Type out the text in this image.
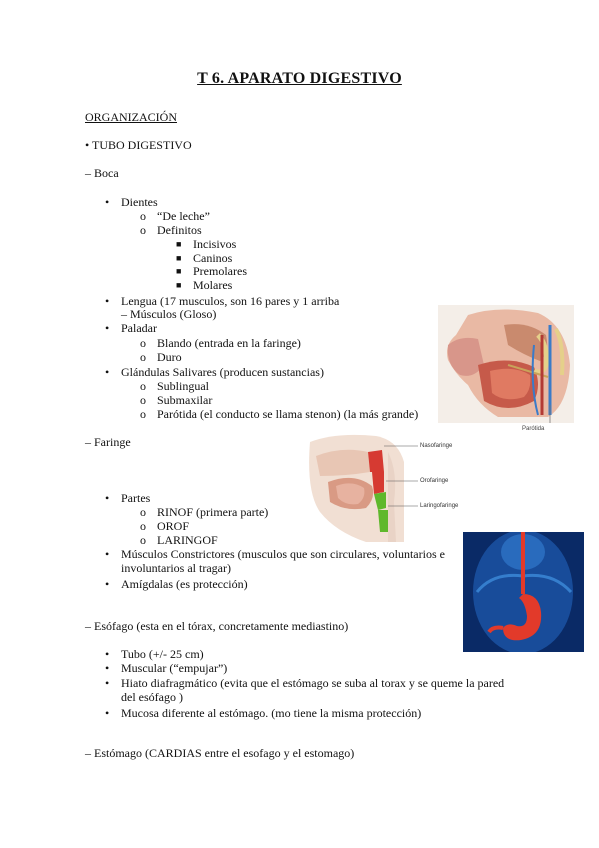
T 6. APARATO DIGESTIVO
ORGANIZACIÓN
• TUBO DIGESTIVO
– Boca
• Dientes
o “De leche”
o Definitos
■ Incisivos
■ Caninos
■ Premolares
■ Molares
• Lengua (17 musculos, son 16 pares y 1 arriba
– Músculos (Gloso)
• Paladar
o Blando (entrada en la faringe)
o Duro
• Glándulas Salivares (producen sustancias)
o Sublingual
o Submaxilar
o Parótida (el conducto se llama stenon) (la más grande)
Parótida
– Faringe	Nasofaringe
Orofaringe
Laringofaringe
• Partes
o RINOF (primera parte)
o OROF
o LARINGOF
• Músculos Constrictores (musculos que son circulares, voluntarios e
involuntarios al tragar)
• Amígdalas (es protección)
– Esófago (esta en el tórax, concretamente mediastino)
• Tubo (+/- 25 cm)
• Muscular (“empujar”)
• Hiato diafragmático (evita que el estómago se suba al torax y se queme la pared
del esófago )
• Mucosa diferente al estómago. (mo tiene la misma protección)
– Estómago (CARDIAS entre el esofago y el estomago)
